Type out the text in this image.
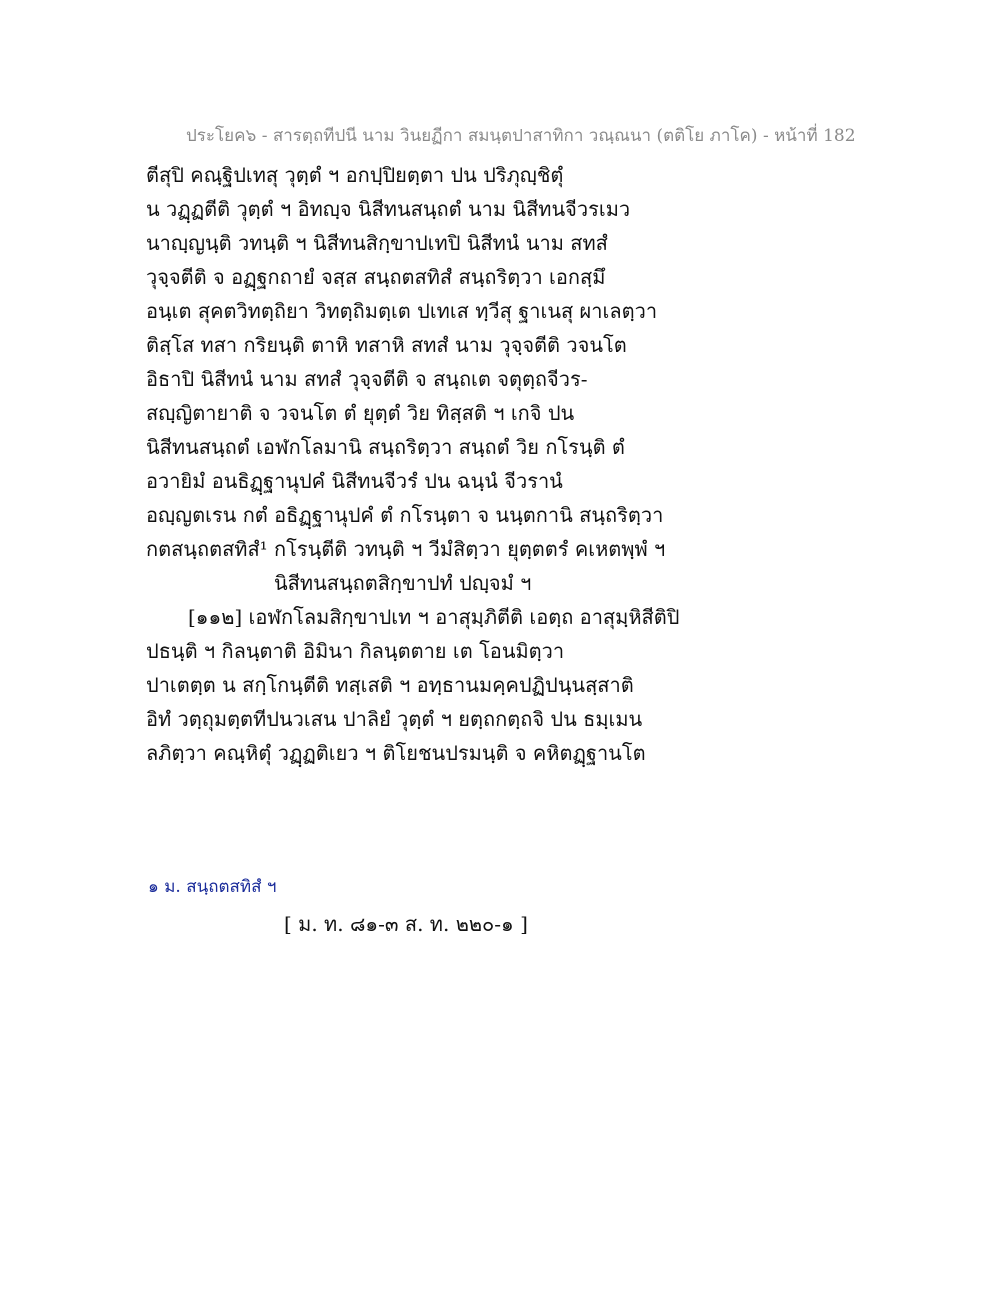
ประโยค๖ - สารตฺถทีปนี นาม วินยฏีกา สมนฺตปาสาทิกา วณฺณนา (ตติโย ภาโค) - หน้าที่ 182
ตีสุปิ คณฺฐิปเทสุ วุตฺตํ ฯ อกปฺปิยตฺตา ปน ปริภุญฺชิตุํ
น วฏฺฏตีติ วุตฺตํ ฯ อิทญฺจ นิสีทนสนฺถตํ นาม นิสีทนจีวรเมว
นาญฺญนฺติ วทนฺติ ฯ นิสีทนสิกฺขาปเทปิ นิสีทนํ นาม สทสํ
วุจฺจตีติ จ อฏฺฐกถายํ จสฺส สนฺถตสทิสํ สนฺถริตฺวา เอกสฺมึ
อนฺเต สุคตวิทตฺถิยา วิทตฺถิมตฺเต ปเทเส ทฺวีสุ ฐาเนสุ ผาเลตฺวา
ติสฺโส ทสา กริยนฺติ ตาหิ ทสาหิ สทสํ นาม วุจฺจตีติ วจนโต
อิธาปิ นิสีทนํ นาม สทสํ วุจฺจตีติ จ สนฺถเต จตุตฺถจีวร-
สญฺญิตายาติ จ วจนโต ตํ ยุตฺตํ วิย ทิสฺสติ ฯ เกจิ ปน
นิสีทนสนฺถตํ เอฬกโลมานิ สนฺถริตฺวา สนฺถตํ วิย กโรนฺติ ตํ
อวายิมํ อนธิฏฺฐานุปคํ นิสีทนจีวรํ ปน ฉนฺนํ จีวรานํ
อญฺญตเรน กตํ อธิฏฺฐานุปคํ ตํ กโรนฺตา จ นนฺตกานิ สนฺถริตฺวา
กตสนฺถตสทิสํ¹ กโรนฺตีติ วทนฺติ ฯ วีมํสิตฺวา ยุตฺตตรํ คเหตพฺพํ ฯ
นิสีทนสนฺถตสิกฺขาปทํ ปญฺจมํ ฯ
[๑๑๒] เอฬกโลมสิกฺขาปเท ฯ อาสุมฺภิตีติ เอตฺถ อาสุมฺหิสีติปิ
ปธนฺติ ฯ กิลนฺตาติ อิมินา กิลนฺตตาย เต โอนมิตฺวา
ปาเตตฺต น สกฺโกนฺตีติ ทสฺเสติ ฯ อทฺธานมคฺคปฏิปนฺนสฺสาติ
อิทํ วตฺถุมตฺตทีปนวเสน ปาลิยํ วุตฺตํ ฯ ยตฺถกตฺถจิ ปน ธมฺเมน
ลภิตฺวา คณฺหิตุํ วฏฺฏติเยว ฯ ติโยชนปรมนฺติ จ คหิตฏฺฐานโต
๑ ม. สนฺถตสทิสํ ฯ
[ ม. ท. ๘๑-๓ ส. ท. ๒๒๐-๑ ]
